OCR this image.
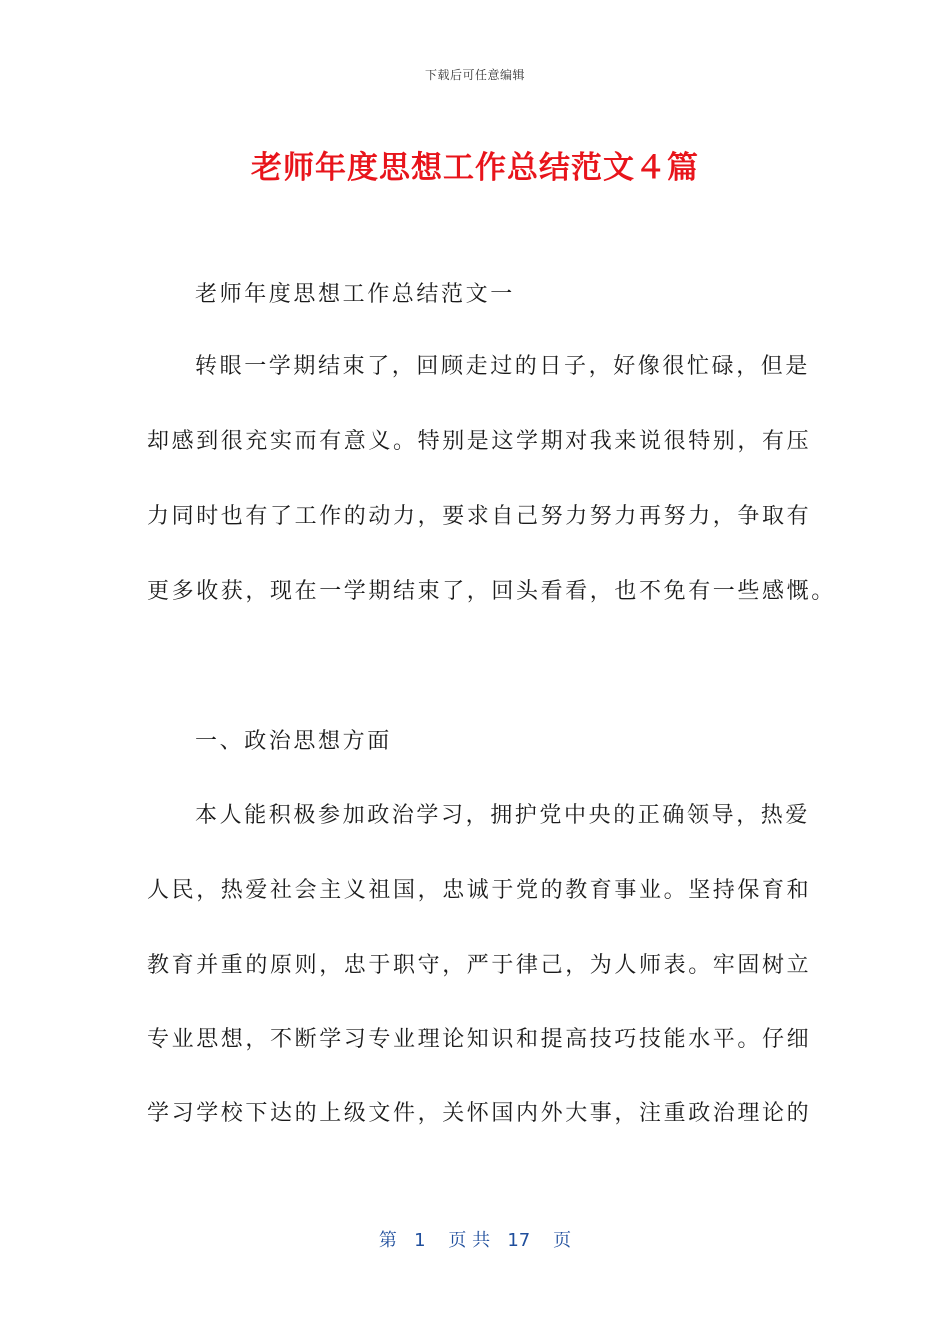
下载后可任意编辑
老师年度思想工作总结范文４篇
老师年度思想工作总结范文一
转眼一学期结束了，回顾走过的日子，好像很忙碌，但是
却感到很充实而有意义。特别是这学期对我来说很特别，有压
力同时也有了工作的动力，要求自己努力努力再努力，争取有
更多收获，现在一学期结束了，回头看看，也不免有一些感慨。
一、政治思想方面
本人能积极参加政治学习，拥护党中央的正确领导，热爱
人民，热爱社会主义祖国，忠诚于党的教育事业。坚持保育和
教育并重的原则，忠于职守，严于律己，为人师表。牢固树立
专业思想，不断学习专业理论知识和提高技巧技能水平。仔细
学习学校下达的上级文件，关怀国内外大事，注重政治理论的
第 1 页 共 17 页
